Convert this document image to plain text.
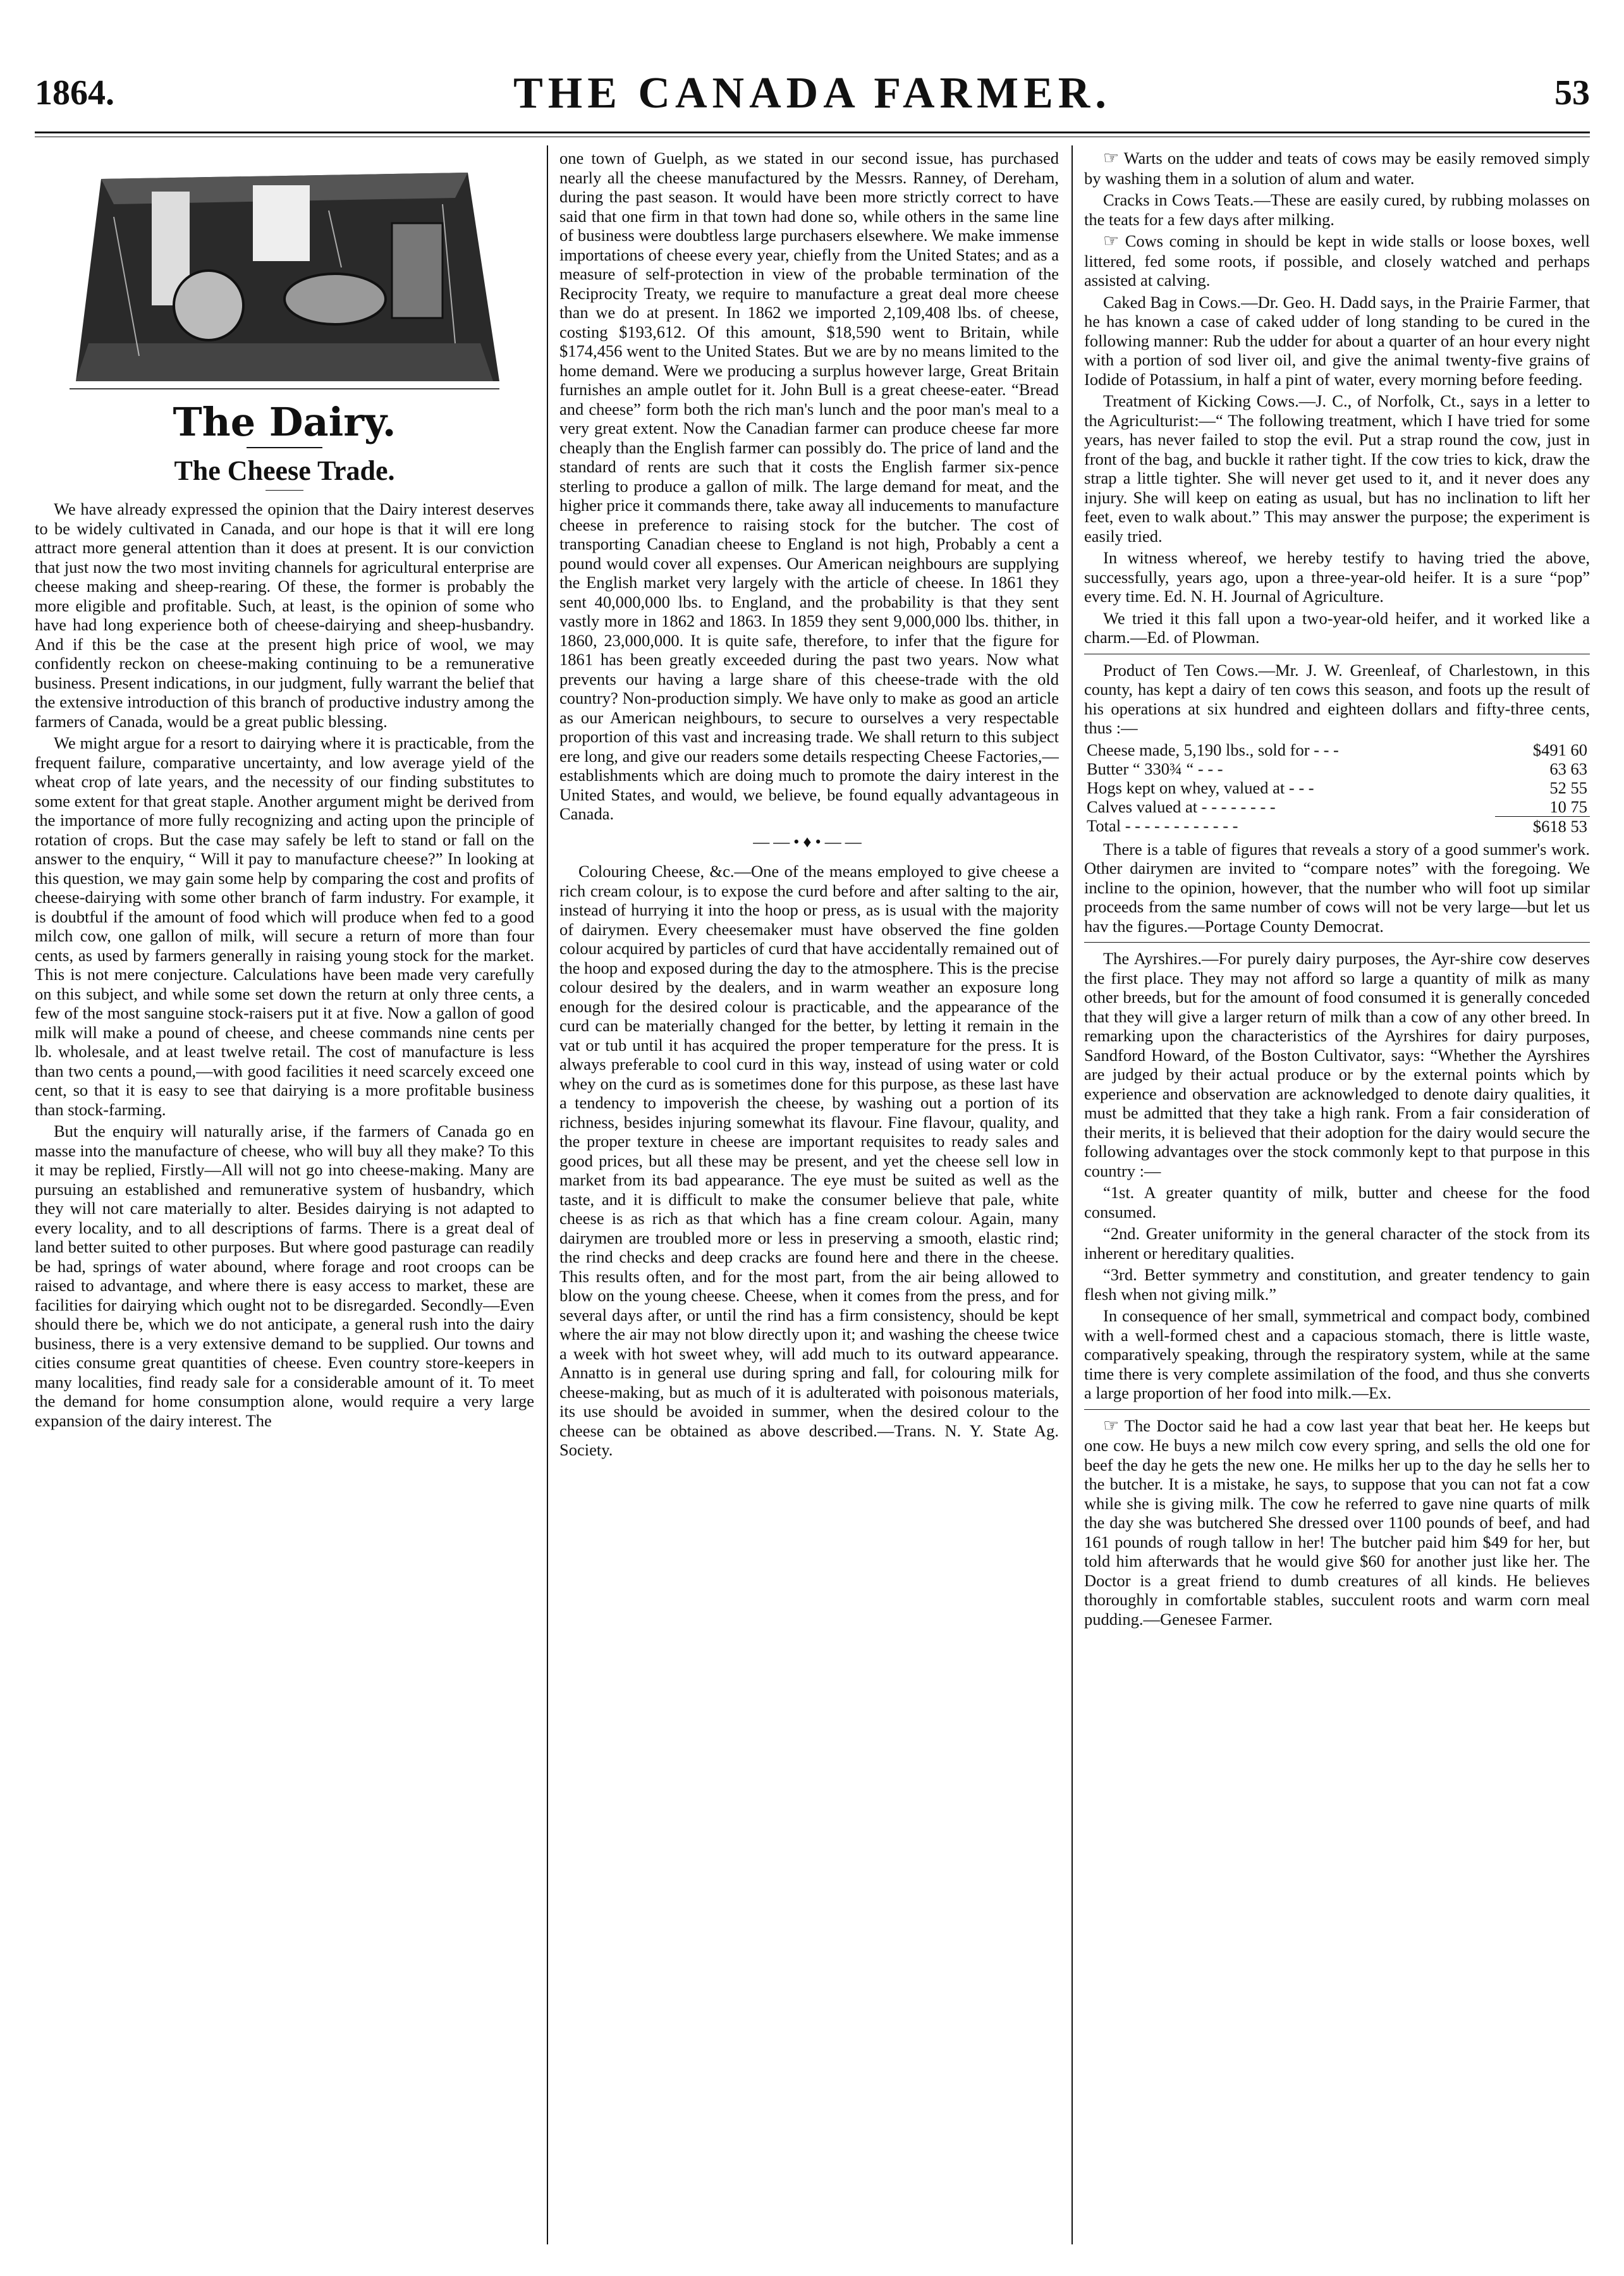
1864.	THE CANADA FARMER.	53
The Dairy.
The Cheese Trade.

We have already expressed the opinion that the Dairy interest deserves to be widely cultivated in Canada, and our hope is that it will ere long attract more general attention than it does at present. It is our conviction that just now the two most inviting channels for agricultural enterprise are cheese making and sheep-rearing. Of these, the former is probably the more eligible and profitable. Such, at least, is the opinion of some who have had long experience both of cheese-dairying and sheep-husbandry. And if this be the case at the present high price of wool, we may confidently reckon on cheese-making continuing to be a remunerative business. Present indications, in our judgment, fully warrant the belief that the extensive introduction of this branch of productive industry among the farmers of Canada, would be a great public blessing.

We might argue for a resort to dairying where it is practicable, from the frequent failure, comparative uncertainty, and low average yield of the wheat crop of late years, and the necessity of our finding substitutes to some extent for that great staple. Another argument might be derived from the importance of more fully recognizing and acting upon the principle of rotation of crops. But the case may safely be left to stand or fall on the answer to the enquiry, “ Will it pay to manufacture cheese?” In looking at this question, we may gain some help by comparing the cost and profits of cheese-dairying with some other branch of farm industry. For example, it is doubtful if the amount of food which will produce when fed to a good milch cow, one gallon of milk, will secure a return of more than four cents, as used by farmers generally in raising young stock for the market. This is not mere conjecture. Calculations have been made very carefully on this subject, and while some set down the return at only three cents, a few of the most sanguine stock-raisers put it at five. Now a gallon of good milk will make a pound of cheese, and cheese commands nine cents per lb. wholesale, and at least twelve retail. The cost of manufacture is less than two cents a pound,—with good facilities it need scarcely exceed one cent, so that it is easy to see that dairying is a more profitable business than stock-farming.

But the enquiry will naturally arise, if the farmers of Canada go en masse into the manufacture of cheese, who will buy all they make? To this it may be replied, Firstly—All will not go into cheese-making. Many are pursuing an established and remunerative system of husbandry, which they will not care materially to alter. Besides dairying is not adapted to every locality, and to all descriptions of farms. There is a great deal of land better suited to other purposes. But where good pasturage can readily be had, springs of water abound, where forage and root croops can be raised to advantage, and where there is easy access to market, these are facilities for dairying which ought not to be disregarded. Secondly—Even should there be, which we do not anticipate, a general rush into the dairy business, there is a very extensive demand to be supplied. Our towns and cities consume great quantities of cheese. Even country store-keepers in many localities, find ready sale for a considerable amount of it. To meet the demand for home consumption alone, would require a very large expansion of the dairy interest. The

one town of Guelph, as we stated in our second issue, has purchased nearly all the cheese manufactured by the Messrs. Ranney, of Dereham, during the past season. It would have been more strictly correct to have said that one firm in that town had done so, while others in the same line of business were doubtless large purchasers elsewhere. We make immense importations of cheese every year, chiefly from the United States; and as a measure of self-protection in view of the probable termination of the Reciprocity Treaty, we require to manufacture a great deal more cheese than we do at present. In 1862 we imported 2,109,408 lbs. of cheese, costing $193,612. Of this amount, $18,590 went to Britain, while $174,456 went to the United States. But we are by no means limited to the home demand. Were we producing a surplus however large, Great Britain furnishes an ample outlet for it. John Bull is a great cheese-eater. “Bread and cheese” form both the rich man's lunch and the poor man's meal to a very great extent. Now the Canadian farmer can produce cheese far more cheaply than the English farmer can possibly do. The price of land and the standard of rents are such that it costs the English farmer six-pence sterling to produce a gallon of milk. The large demand for meat, and the higher price it commands there, take away all inducements to manufacture cheese in preference to raising stock for the butcher. The cost of transporting Canadian cheese to England is not high, Probably a cent a pound would cover all expenses. Our American neighbours are supplying the English market very largely with the article of cheese. In 1861 they sent 40,000,000 lbs. to England, and the probability is that they sent vastly more in 1862 and 1863. In 1859 they sent 9,000,000 lbs. thither, in 1860, 23,000,000. It is quite safe, therefore, to infer that the figure for 1861 has been greatly exceeded during the past two years. Now what prevents our having a large share of this cheese-trade with the old country? Non-production simply. We have only to make as good an article as our American neighbours, to secure to ourselves a very respectable proportion of this vast and increasing trade. We shall return to this subject ere long, and give our readers some details respecting Cheese Factories,—establishments which are doing much to promote the dairy interest in the United States, and would, we believe, be found equally advantageous in Canada.

——•♦•——

Colouring Cheese, &c.—One of the means employed to give cheese a rich cream colour, is to expose the curd before and after salting to the air, instead of hurrying it into the hoop or press, as is usual with the majority of dairymen. Every cheesemaker must have observed the fine golden colour acquired by particles of curd that have accidentally remained out of the hoop and exposed during the day to the atmosphere. This is the precise colour desired by the dealers, and in warm weather an exposure long enough for the desired colour is practicable, and the appearance of the curd can be materially changed for the better, by letting it remain in the vat or tub until it has acquired the proper temperature for the press. It is always preferable to cool curd in this way, instead of using water or cold whey on the curd as is sometimes done for this purpose, as these last have a tendency to impoverish the cheese, by washing out a portion of its richness, besides injuring somewhat its flavour. Fine flavour, quality, and the proper texture in cheese are important requisites to ready sales and good prices, but all these may be present, and yet the cheese sell low in market from its bad appearance. The eye must be suited as well as the taste, and it is difficult to make the consumer believe that pale, white cheese is as rich as that which has a fine cream colour. Again, many dairymen are troubled more or less in preserving a smooth, elastic rind; the rind checks and deep cracks are found here and there in the cheese. This results often, and for the most part, from the air being allowed to blow on the young cheese. Cheese, when it comes from the press, and for several days after, or until the rind has a firm consistency, should be kept where the air may not blow directly upon it; and washing the cheese twice a week with hot sweet whey, will add much to its outward appearance. Annatto is in general use during spring and fall, for colouring milk for cheese-making, but as much of it is adulterated with poisonous materials, its use should be avoided in summer, when the desired colour to the cheese can be obtained as above described.—Trans. N. Y. State Ag. Society.

☞ Warts on the udder and teats of cows may be easily removed simply by washing them in a solution of alum and water.

Cracks in Cows Teats.—These are easily cured, by rubbing molasses on the teats for a few days after milking.

☞ Cows coming in should be kept in wide stalls or loose boxes, well littered, fed some roots, if possible, and closely watched and perhaps assisted at calving.

Caked Bag in Cows.—Dr. Geo. H. Dadd says, in the Prairie Farmer, that he has known a case of caked udder of long standing to be cured in the following manner: Rub the udder for about a quarter of an hour every night with a portion of sod liver oil, and give the animal twenty-five grains of Iodide of Potassium, in half a pint of water, every morning before feeding.

Treatment of Kicking Cows.—J. C., of Norfolk, Ct., says in a letter to the Agriculturist:—“ The following treatment, which I have tried for some years, has never failed to stop the evil. Put a strap round the cow, just in front of the bag, and buckle it rather tight. If the cow tries to kick, draw the strap a little tighter. She will never get used to it, and it never does any injury. She will keep on eating as usual, but has no inclination to lift her feet, even to walk about.” This may answer the purpose; the experiment is easily tried.

In witness whereof, we hereby testify to having tried the above, successfully, years ago, upon a three-year-old heifer. It is a sure “pop” every time. Ed. N. H. Journal of Agriculture.

We tried it this fall upon a two-year-old heifer, and it worked like a charm.—Ed. of Plowman.

Product of Ten Cows.—Mr. J. W. Greenleaf, of Charlestown, in this county, has kept a dairy of ten cows this season, and foots up the result of his operations at six hundred and eighteen dollars and fifty-three cents, thus :—

Cheese made, 5,190 lbs., sold for - - -	$491 60
Butter “ 330¾ “ - - -	63 63
Hogs kept on whey, valued at - - -	52 55
Calves valued at - - - - - - - -	10 75
Total - - - - - - - - - - - -	$618 53

There is a table of figures that reveals a story of a good summer's work. Other dairymen are invited to “compare notes” with the foregoing. We incline to the opinion, however, that the number who will foot up similar proceeds from the same number of cows will not be very large—but let us hav the figures.—Portage County Democrat.

The Ayrshires.—For purely dairy purposes, the Ayr-shire cow deserves the first place. They may not afford so large a quantity of milk as many other breeds, but for the amount of food consumed it is generally conceded that they will give a larger return of milk than a cow of any other breed. In remarking upon the characteristics of the Ayrshires for dairy purposes, Sandford Howard, of the Boston Cultivator, says: “Whether the Ayrshires are judged by their actual produce or by the external points which by experience and observation are acknowledged to denote dairy qualities, it must be admitted that they take a high rank. From a fair consideration of their merits, it is believed that their adoption for the dairy would secure the following advantages over the stock commonly kept to that purpose in this country :—

“1st. A greater quantity of milk, butter and cheese for the food consumed.

“2nd. Greater uniformity in the general character of the stock from its inherent or hereditary qualities.

“3rd. Better symmetry and constitution, and greater tendency to gain flesh when not giving milk.”

In consequence of her small, symmetrical and compact body, combined with a well-formed chest and a capacious stomach, there is little waste, comparatively speaking, through the respiratory system, while at the same time there is very complete assimilation of the food, and thus she converts a large proportion of her food into milk.—Ex.

☞ The Doctor said he had a cow last year that beat her. He keeps but one cow. He buys a new milch cow every spring, and sells the old one for beef the day he gets the new one. He milks her up to the day he sells her to the butcher. It is a mistake, he says, to suppose that you can not fat a cow while she is giving milk. The cow he referred to gave nine quarts of milk the day she was butchered She dressed over 1100 pounds of beef, and had 161 pounds of rough tallow in her! The butcher paid him $49 for her, but told him afterwards that he would give $60 for another just like her. The Doctor is a great friend to dumb creatures of all kinds. He believes thoroughly in comfortable stables, succulent roots and warm corn meal pudding.—Genesee Farmer.
